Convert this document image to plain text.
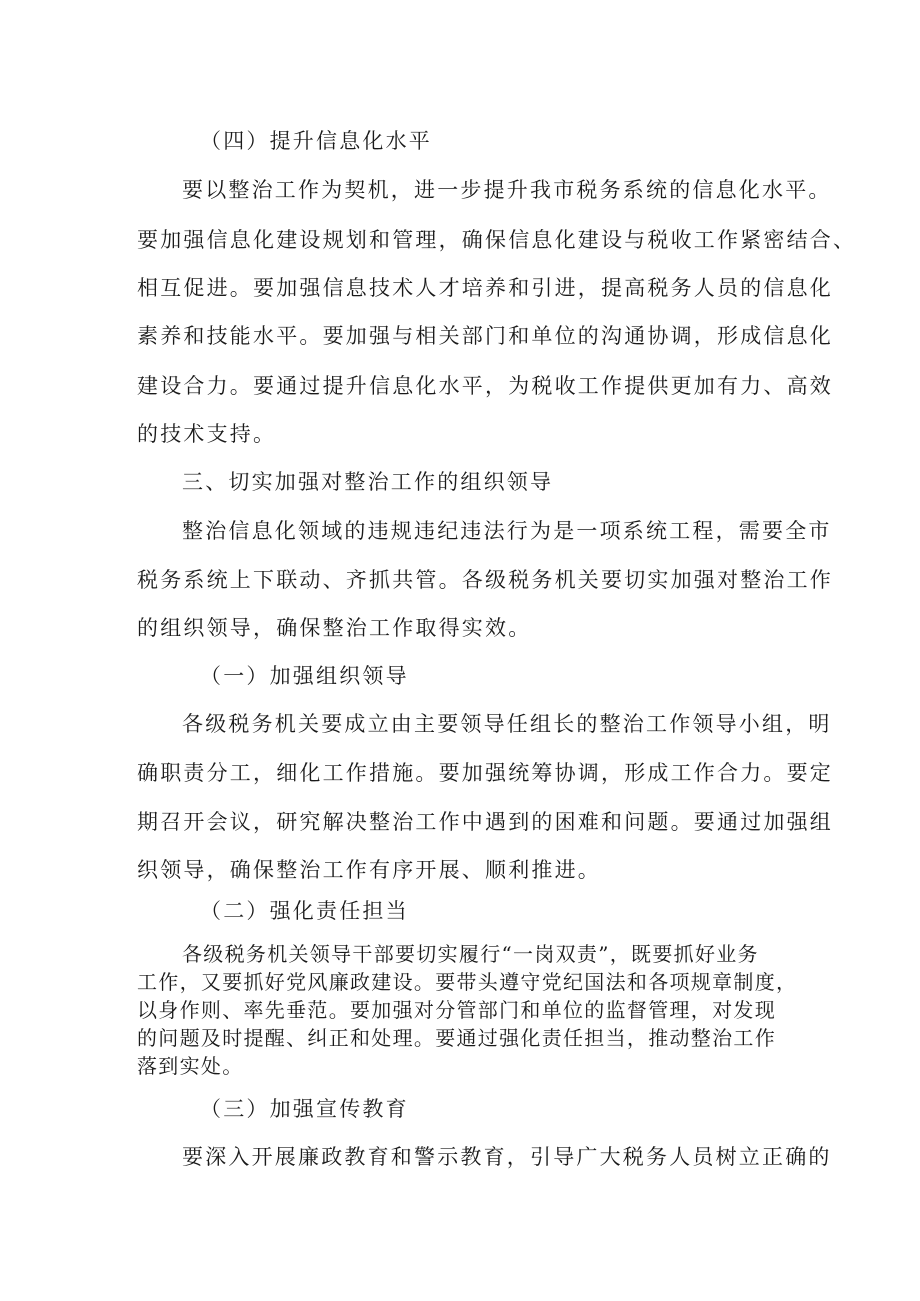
（四）提升信息化水平

要以整治工作为契机，进一步提升我市税务系统的信息化水平。

要加强信息化建设规划和管理，确保信息化建设与税收工作紧密结合、

相互促进。要加强信息技术人才培养和引进，提高税务人员的信息化

素养和技能水平。要加强与相关部门和单位的沟通协调，形成信息化

建设合力。要通过提升信息化水平，为税收工作提供更加有力、高效

的技术支持。

三、切实加强对整治工作的组织领导

整治信息化领域的违规违纪违法行为是一项系统工程，需要全市

税务系统上下联动、齐抓共管。各级税务机关要切实加强对整治工作

的组织领导，确保整治工作取得实效。

（一）加强组织领导

各级税务机关要成立由主要领导任组长的整治工作领导小组，明

确职责分工，细化工作措施。要加强统筹协调，形成工作合力。要定

期召开会议，研究解决整治工作中遇到的困难和问题。要通过加强组

织领导，确保整治工作有序开展、顺利推进。

（二）强化责任担当

各级税务机关领导干部要切实履行“一岗双责”，既要抓好业务

工作，又要抓好党风廉政建设。要带头遵守党纪国法和各项规章制度，

以身作则、率先垂范。要加强对分管部门和单位的监督管理，对发现

的问题及时提醒、纠正和处理。要通过强化责任担当，推动整治工作

落到实处。

（三）加强宣传教育

要深入开展廉政教育和警示教育，引导广大税务人员树立正确的
